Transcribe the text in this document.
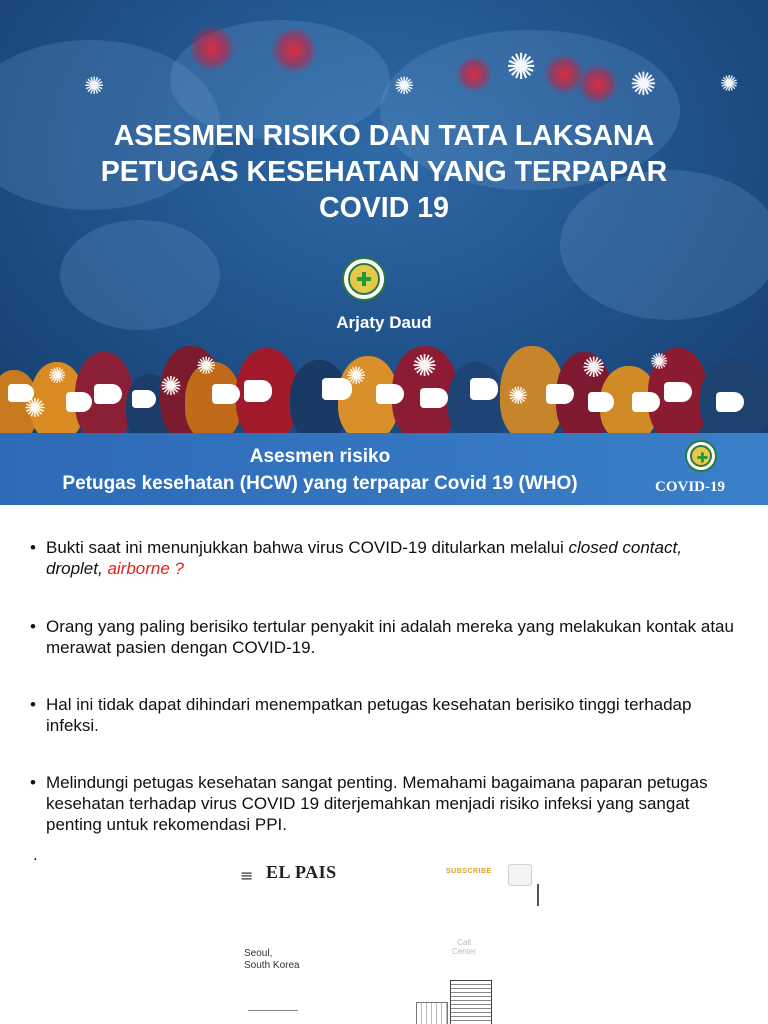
✺	✺	✺	✺	✺
ASESMEN RISIKO DAN TATA LAKSANA
PETUGAS KESEHATAN YANG TERPAPAR
COVID 19
Arjaty Daud
✺
✺
✺
✺	✺ ✺
✺
✺ ✺
Asesmen risiko
Petugas kesehatan (HCW) yang terpapar Covid 19 (WHO)	COVID-19
• Bukti saat ini menunjukkan bahwa virus COVID-19 ditularkan melalui closed contact, droplet, airborne ?
• Orang yang paling berisiko tertular penyakit ini adalah mereka yang melakukan kontak atau merawat pasien dengan COVID-19.
• Hal ini tidak dapat dihindari menempatkan petugas kesehatan berisiko tinggi terhadap infeksi.
• Melindungi petugas kesehatan sangat penting. Memahami bagaimana paparan petugas kesehatan terhadap virus COVID 19 diterjemahkan menjadi risiko infeksi yang sangat penting untuk rekomendasi PPI.
.
≡ EL PAIS	SUBSCRIBE
Seoul,
South Korea
Call
Center
